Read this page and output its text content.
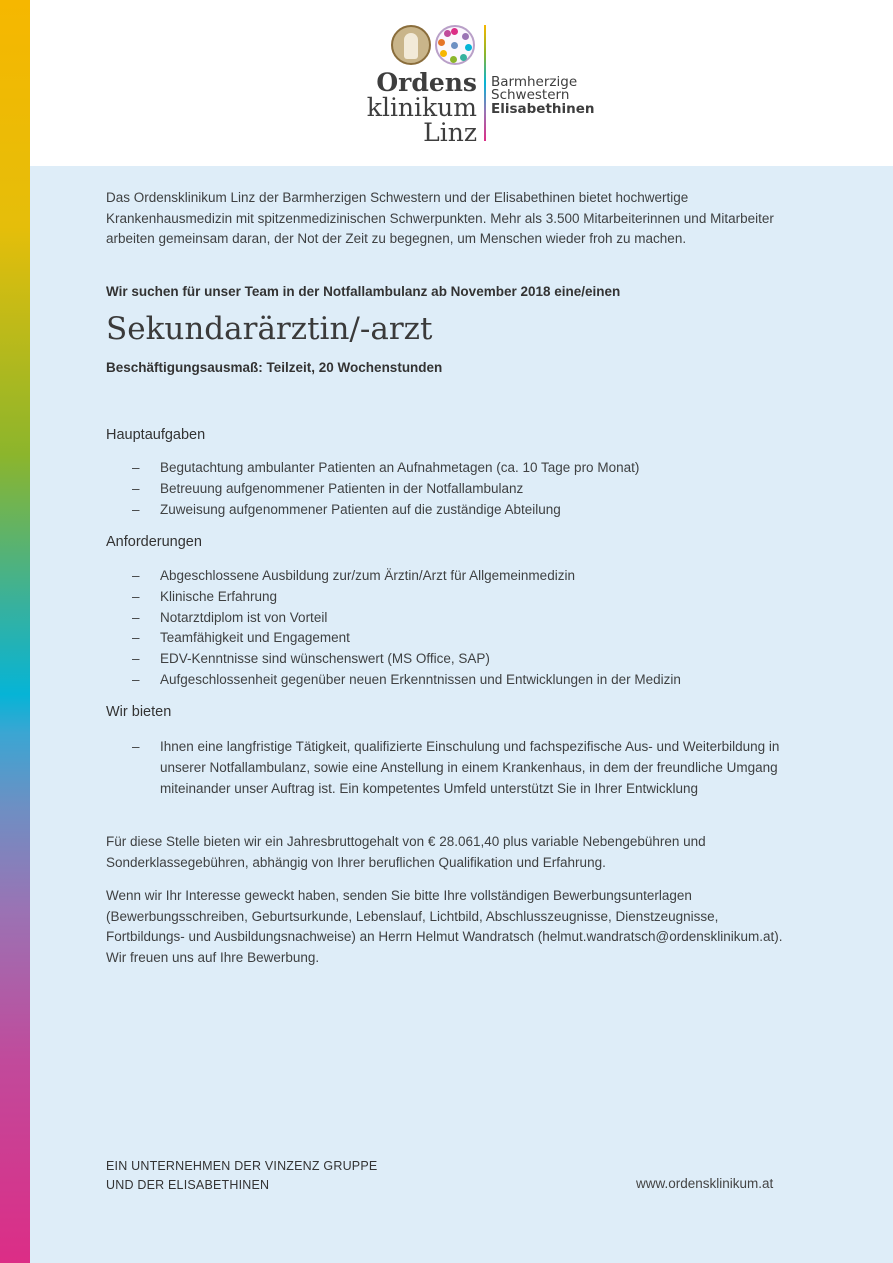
Ordens
klinikum
Linz
Barmherzige
Schwestern
Elisabethinen

Das Ordensklinikum Linz der Barmherzigen Schwestern und der Elisabethinen bietet hochwertige Krankenhausmedizin mit spitzenmedizinischen Schwerpunkten. Mehr als 3.500 Mitarbeiterinnen und Mitarbeiter arbeiten gemeinsam daran, der Not der Zeit zu begegnen, um Menschen wieder froh zu machen.

Wir suchen für unser Team in der Notfallambulanz ab November 2018 eine/einen
Sekundarärztin/-arzt
Beschäftigungsausmaß: Teilzeit, 20 Wochenstunden
Hauptaufgaben
– Begutachtung ambulanter Patienten an Aufnahmetagen (ca. 10 Tage pro Monat)
– Betreuung aufgenommener Patienten in der Notfallambulanz
– Zuweisung aufgenommener Patienten auf die zuständige Abteilung
Anforderungen
– Abgeschlossene Ausbildung zur/zum Ärztin/Arzt für Allgemeinmedizin
– Klinische Erfahrung
– Notarztdiplom ist von Vorteil
– Teamfähigkeit und Engagement
– EDV-Kenntnisse sind wünschenswert (MS Office, SAP)
– Aufgeschlossenheit gegenüber neuen Erkenntnissen und Entwicklungen in der Medizin
Wir bieten
– Ihnen eine langfristige Tätigkeit, qualifizierte Einschulung und fachspezifische Aus- und Weiterbildung in unserer Notfallambulanz, sowie eine Anstellung in einem Krankenhaus, in dem der freundliche Umgang miteinander unser Auftrag ist. Ein kompetentes Umfeld unterstützt Sie in Ihrer Entwicklung

Für diese Stelle bieten wir ein Jahresbruttogehalt von € 28.061,40 plus variable Nebengebühren und Sonderklassegebühren, abhängig von Ihrer beruflichen Qualifikation und Erfahrung.

Wenn wir Ihr Interesse geweckt haben, senden Sie bitte Ihre vollständigen Bewerbungsunterlagen (Bewerbungsschreiben, Geburtsurkunde, Lebenslauf, Lichtbild, Abschlusszeugnisse, Dienstzeugnisse, Fortbildungs- und Ausbildungsnachweise) an Herrn Helmut Wandratsch (helmut.wandratsch@ordensklinikum.at). Wir freuen uns auf Ihre Bewerbung.

EIN UNTERNEHMEN DER VINZENZ GRUPPE
UND DER ELISABETHINEN	www.ordensklinikum.at
